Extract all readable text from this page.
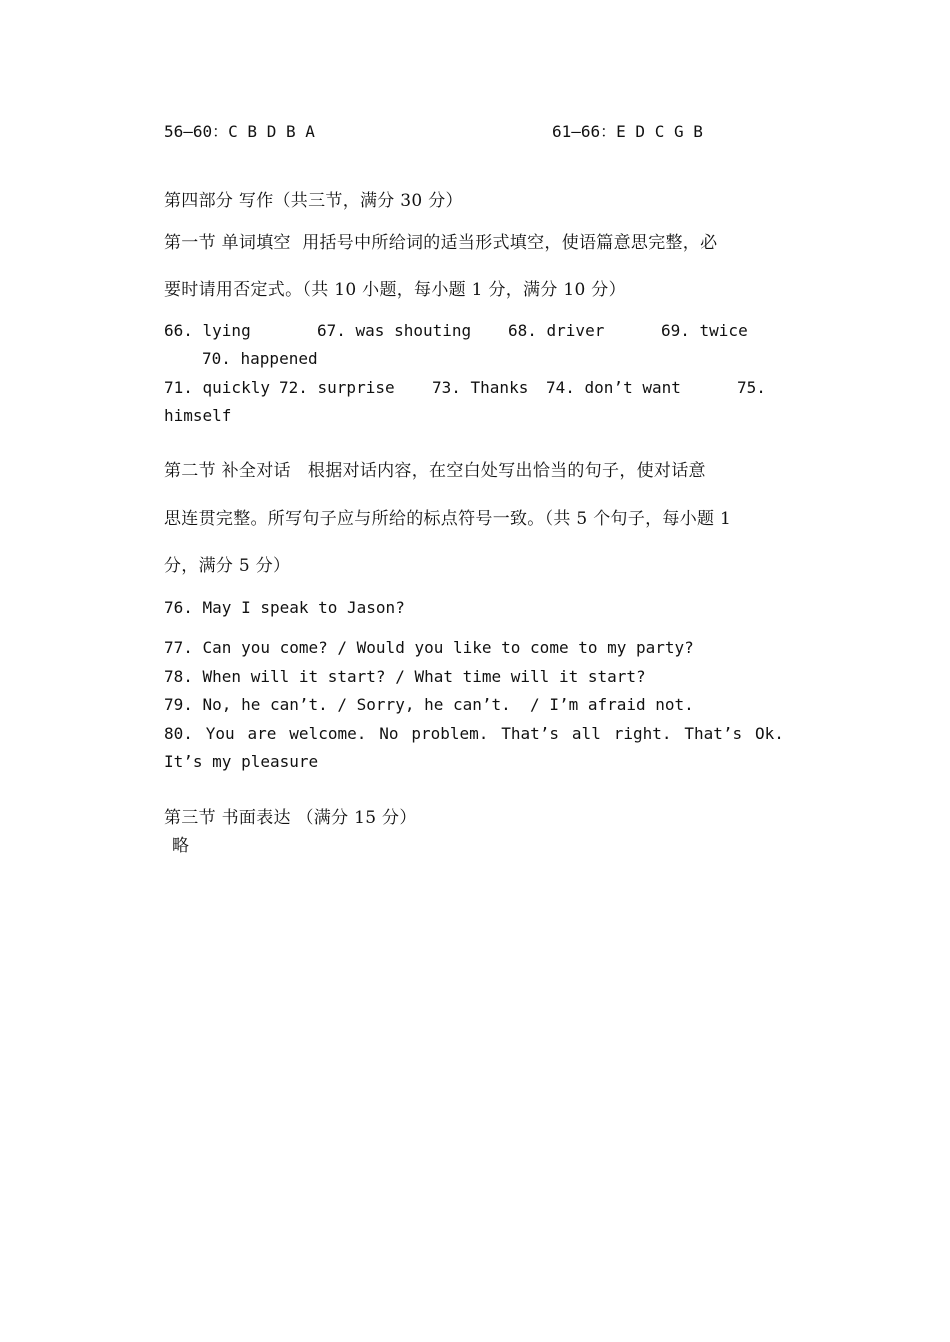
56—60：C B D B A	61—66：E D C G B
第四部分 写作（共三节，满分 30 分）
第一节 单词填空  用括号中所给词的适当形式填空，使语篇意思完整，必
要时请用否定式。（共 10 小题，每小题 1 分，满分 10 分）
66. lying	67. was shouting 68. driver	69. twice
70. happened
71. quickly 72. surprise 73. Thanks 74. don’t want	75.
himself
第二节 补全对话   根据对话内容，在空白处写出恰当的句子，使对话意
思连贯完整。所写句子应与所给的标点符号一致。（共 5 个句子，每小题 1
分，满分 5 分）
76. May I speak to Jason?
77. Can you come? / Would you like to come to my party?
78. When will it start? / What time will it start?
79. No, he can’t. / Sorry, he can’t.  / I’m afraid not.
80. You are welcome. No problem. That’s all right. That’s Ok.
It’s my pleasure
第三节 书面表达 （满分 15 分）
略
